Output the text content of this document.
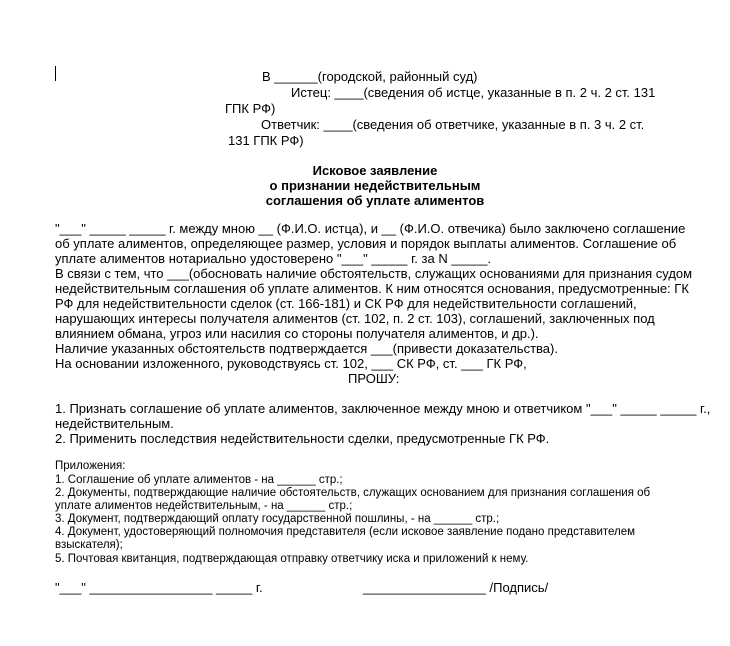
В ______(городской, районный суд)
Истец: ____(сведения об истце, указанные в п. 2 ч. 2 ст. 131
ГПК РФ)
Ответчик: ____(сведения об ответчике, указанные в п. 3 ч. 2 ст.
131 ГПК РФ)
Исковое заявление
о признании недействительным
соглашения об уплате алиментов
"___" _____ _____ г. между мною __ (Ф.И.О. истца), и __ (Ф.И.О. отвечика) было заключено соглашение
об уплате алиментов, определяющее размер, условия и порядок выплаты алиментов. Соглашение об
уплате алиментов нотариально удостоверено "___" _____ г. за N _____.
В связи с тем, что ___(обосновать наличие обстоятельств, служащих основаниями для признания судом
недействительным соглашения об уплате алиментов. К ним относятся основания, предусмотренные: ГК
РФ для недействительности сделок (ст. 166-181) и СК РФ для недействительности соглашений,
нарушающих интересы получателя алиментов (ст. 102, п. 2 ст. 103), соглашений, заключенных под
влиянием обмана, угроз или насилия со стороны получателя алиментов, и др.).
Наличие указанных обстоятельств подтверждается ___(привести доказательства).
На основании изложенного, руководствуясь ст. 102, ___ СК РФ, ст. ___ ГК РФ,
ПРОШУ:
1. Признать соглашение об уплате алиментов, заключенное между мною и ответчиком "___" _____ _____ г.,
недействительным.
2. Применить последствия недействительности сделки, предусмотренные ГК РФ.
Приложения:
1. Соглашение об уплате алиментов - на ______ стр.;
2. Документы, подтверждающие наличие обстоятельств, служащих основанием для признания соглашения об
уплате алиментов недействительным, - на ______ стр.;
3. Документ, подтверждающий оплату государственной пошлины, - на ______ стр.;
4. Документ, удостоверяющий полномочия представителя (если исковое заявление подано представителем
взыскателя);
5. Почтовая квитанция, подтверждающая отправку ответчику иска и приложений к нему.
"___" _________________ _____ г.	_________________ /Подпись/
